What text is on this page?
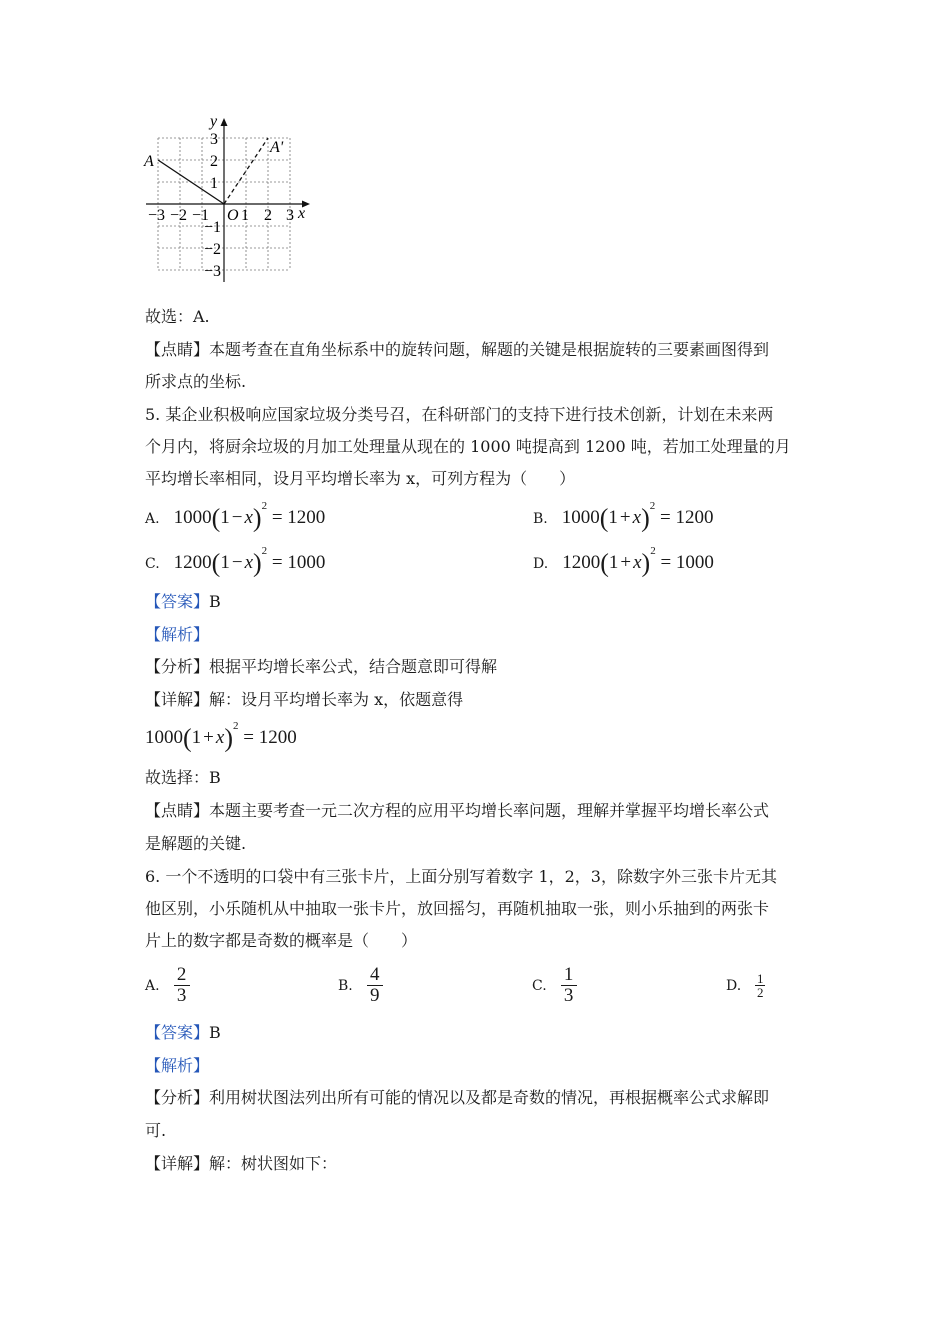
y
x
A
A'
O
−3 −2 −1 1 2 3
3
2
1
−1
−2
−3
故选：A.
【点睛】本题考查在直角坐标系中的旋转问题，解题的关键是根据旋转的三要素画图得到
所求点的坐标.
5. 某企业积极响应国家垃圾分类号召，在科研部门的支持下进行技术创新，计划在未来两
个月内，将厨余垃圾的月加工处理量从现在的 1000 吨提高到 1200 吨，若加工处理量的月
平均增长率相同，设月平均增长率为 x，可列方程为（　　）
A. $1000(1 - x)^2 = 1200$	B. $1000(1 + x)^2 = 1200$
C. $1200(1 - x)^2 = 1000$	D. $1200(1 + x)^2 = 1000$
【答案】B
【解析】
【分析】根据平均增长率公式，结合题意即可得解
【详解】解：设月平均增长率为 x，依题意得
$1000(1 + x)^2 = 1200$
故选择：B
【点睛】本题主要考查一元二次方程的应用平均增长率问题，理解并掌握平均增长率公式
是解题的关键.
6. 一个不透明的口袋中有三张卡片，上面分别写着数字 1，2，3，除数字外三张卡片无其
他区别，小乐随机从中抽取一张卡片，放回摇匀，再随机抽取一张，则小乐抽到的两张卡
片上的数字都是奇数的概率是（　　）
A. $\frac{2}{3}$	B. $\frac{4}{9}$	C. $\frac{1}{3}$	D. $\frac{1}{2}$
【答案】B
【解析】
【分析】利用树状图法列出所有可能的情况以及都是奇数的情况，再根据概率公式求解即
可.
【详解】解：树状图如下：
